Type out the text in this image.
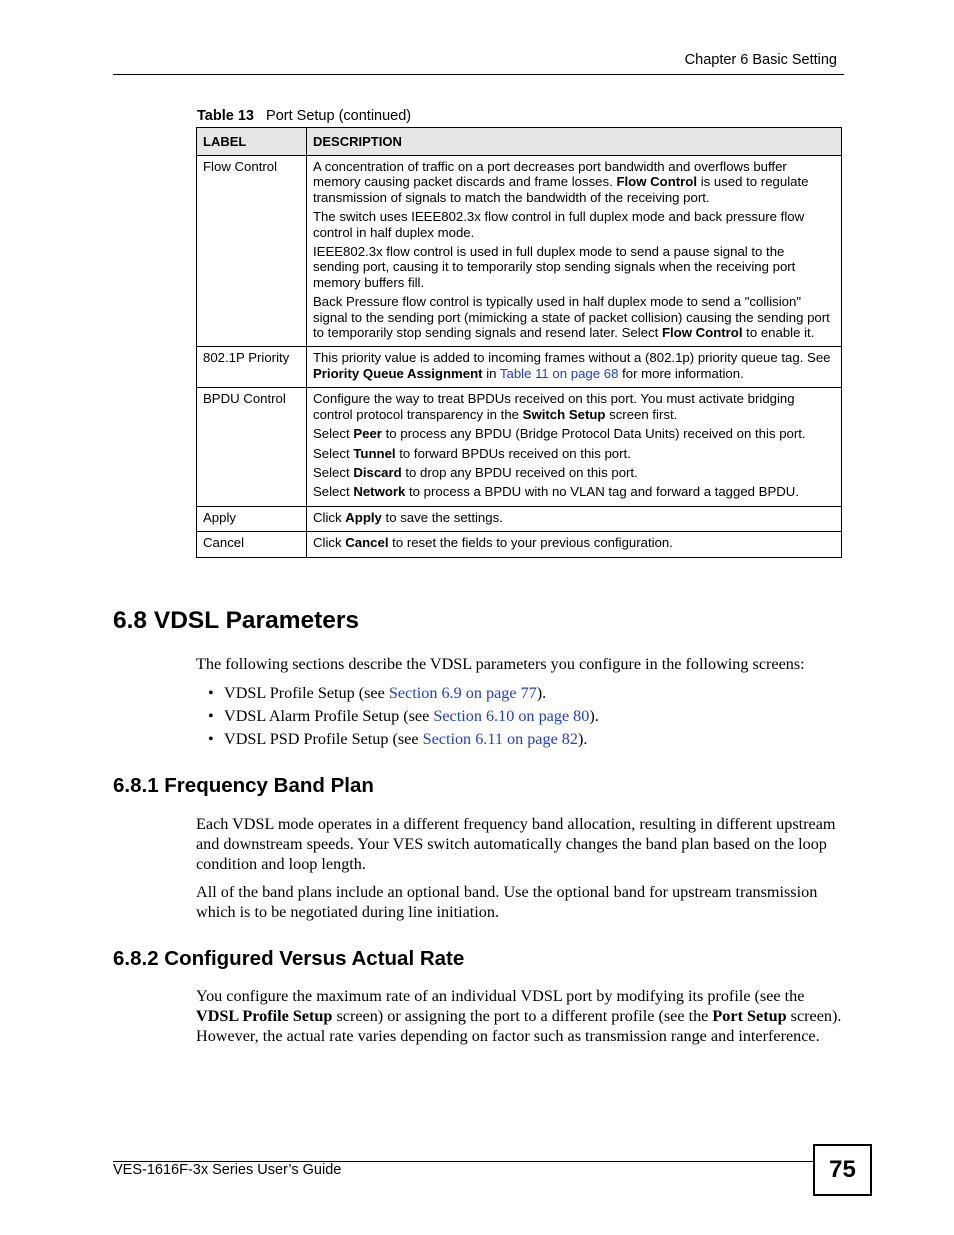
Chapter 6 Basic Setting
Table 13 Port Setup (continued)
LABEL	DESCRIPTION
Flow Control	A concentration of traffic on a port decreases port bandwidth and overflows buffer memory causing packet discards and frame losses. Flow Control is used to regulate transmission of signals to match the bandwidth of the receiving port.

The switch uses IEEE802.3x flow control in full duplex mode and back pressure flow control in half duplex mode.

IEEE802.3x flow control is used in full duplex mode to send a pause signal to the sending port, causing it to temporarily stop sending signals when the receiving port memory buffers fill.

Back Pressure flow control is typically used in half duplex mode to send a "collision" signal to the sending port (mimicking a state of packet collision) causing the sending port to temporarily stop sending signals and resend later. Select Flow Control to enable it.

802.1P Priority	This priority value is added to incoming frames without a (802.1p) priority queue tag. See Priority Queue Assignment in Table 11 on page 68 for more information.

BPDU Control	Configure the way to treat BPDUs received on this port. You must activate bridging control protocol transparency in the Switch Setup screen first.

Select Peer to process any BPDU (Bridge Protocol Data Units) received on this port.

Select Tunnel to forward BPDUs received on this port.

Select Discard to drop any BPDU received on this port.

Select Network to process a BPDU with no VLAN tag and forward a tagged BPDU.

Apply	Click Apply to save the settings.

Cancel	Click Cancel to reset the fields to your previous configuration.

6.8 VDSL Parameters

The following sections describe the VDSL parameters you configure in the following screens:

• VDSL Profile Setup (see Section 6.9 on page 77).
• VDSL Alarm Profile Setup (see Section 6.10 on page 80).
• VDSL PSD Profile Setup (see Section 6.11 on page 82).
6.8.1 Frequency Band Plan

Each VDSL mode operates in a different frequency band allocation, resulting in different upstream and downstream speeds. Your VES switch automatically changes the band plan based on the loop condition and loop length.

All of the band plans include an optional band. Use the optional band for upstream transmission which is to be negotiated during line initiation.

6.8.2 Configured Versus Actual Rate

You configure the maximum rate of an individual VDSL port by modifying its profile (see the VDSL Profile Setup screen) or assigning the port to a different profile (see the Port Setup screen). However, the actual rate varies depending on factor such as transmission range and interference.

VES-1616F-3x Series User’s Guide	75
